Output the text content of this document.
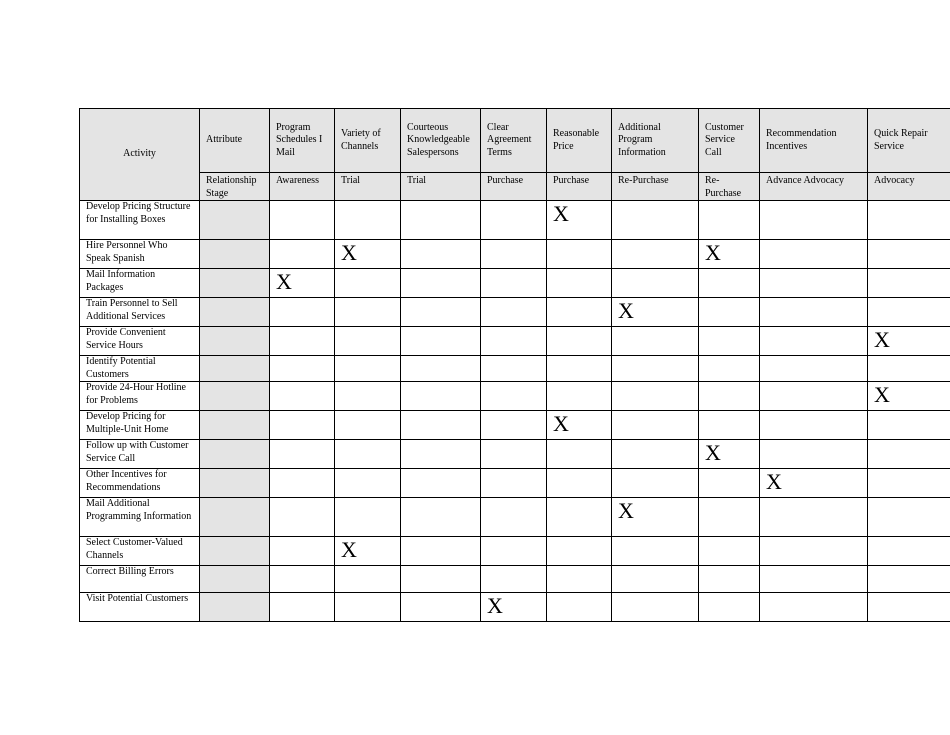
Activity	Attribute	Program Schedules I Mail	Variety of Channels	Courteous Knowledgeable Salespersons	Clear Agreement Terms	Reasonable Price	Additional Program Information	Customer Service Call	Recommendation Incentives	Quick Repair Service
	Relationship Stage	Awareness	Trial	Trial	Purchase	Purchase	Re-Purchase	Re-Purchase	Advance Advocacy	Advocacy
Develop Pricing Structure for Installing Boxes						X				
Hire Personnel Who Speak Spanish			X					X		
Mail Information Packages		X								
Train Personnel to Sell Additional Services							X			
Provide Convenient Service Hours										X
Identify Potential Customers										
Provide 24-Hour Hotline for Problems										X
Develop Pricing for Multiple-Unit Home						X				
Follow up with Customer Service Call								X		
Other Incentives for Recommendations									X	
Mail Additional Programming Information							X			
Select Customer-Valued Channels			X							
Correct Billing Errors										
Visit Potential Customers					X					
